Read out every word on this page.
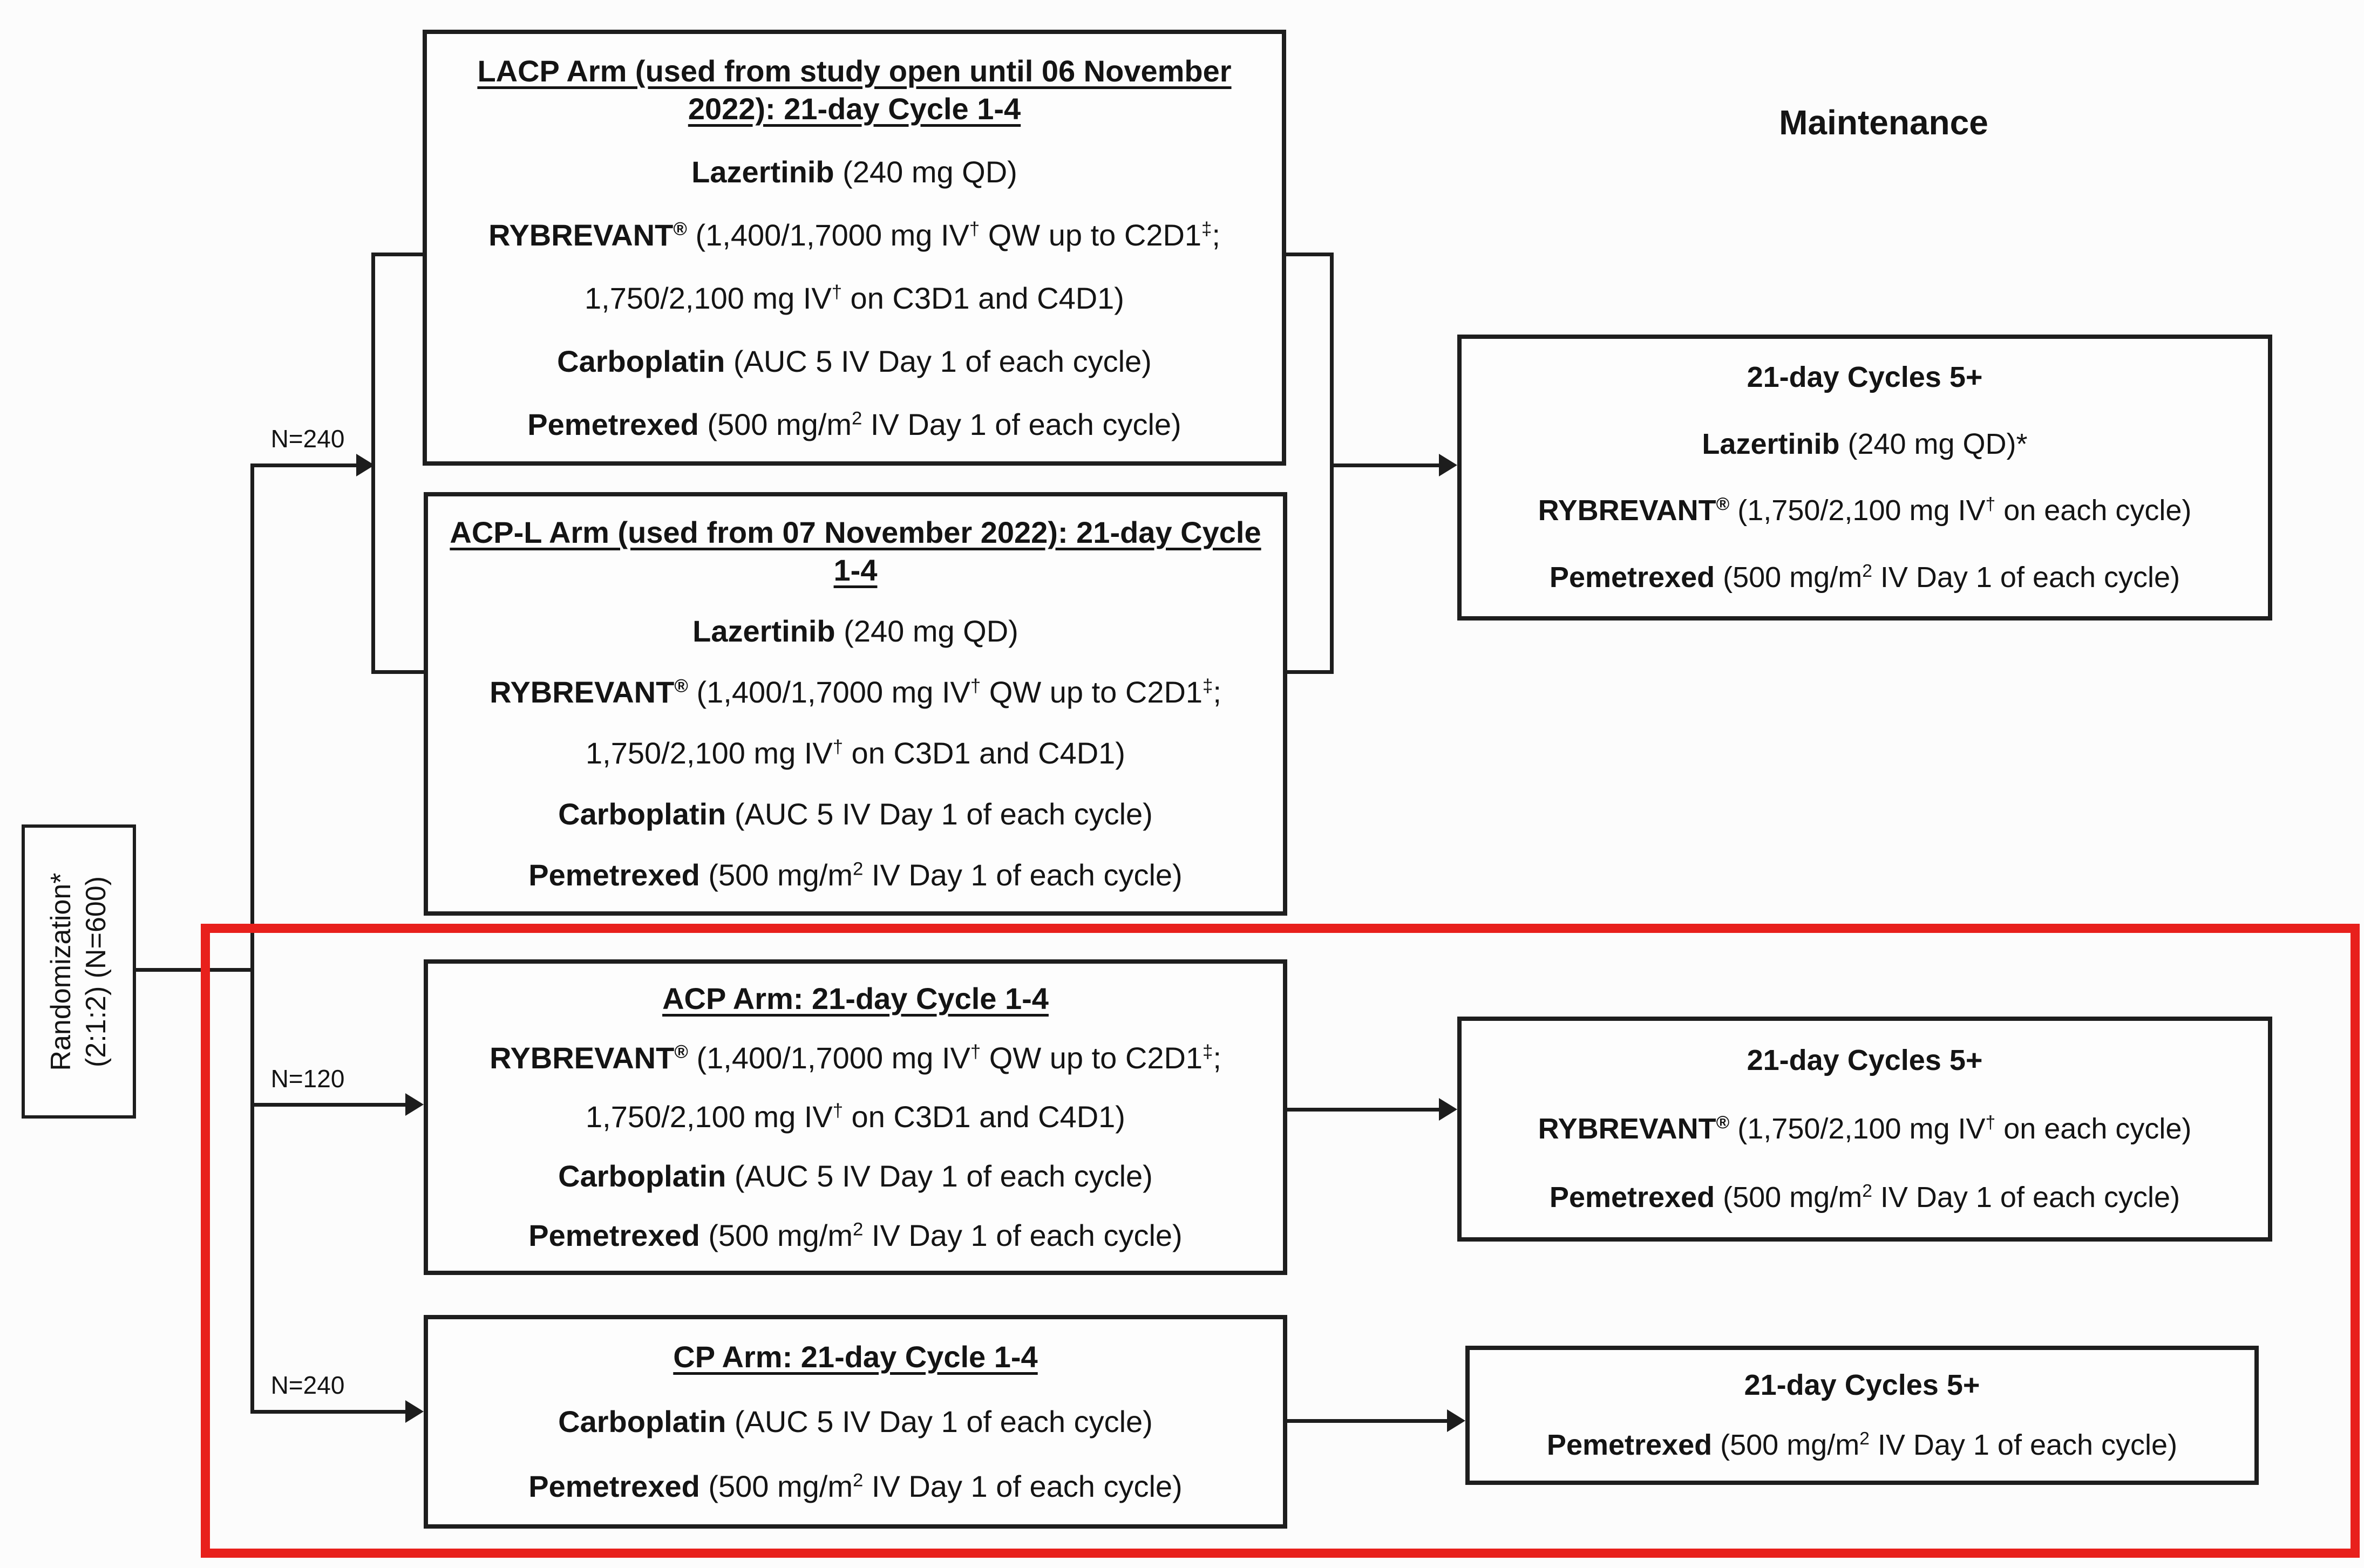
Randomization* (2:1:2) (N=600)
N=240
N=120
N=240
Maintenance
LACP Arm (used from study open until 06 November 2022): 21-day Cycle 1-4
Lazertinib (240 mg QD)
RYBREVANT® (1,400/1,7000 mg IV† QW up to C2D1‡;
1,750/2,100 mg IV† on C3D1 and C4D1)
Carboplatin (AUC 5 IV Day 1 of each cycle)
Pemetrexed (500 $mg/m^2$ IV Day 1 of each cycle)
ACP-L Arm (used from 07 November 2022): 21-day Cycle 1-4
Lazertinib (240 mg QD)
RYBREVANT® (1,400/1,7000 mg IV† QW up to C2D1‡;
1,750/2,100 mg IV† on C3D1 and C4D1)
Carboplatin (AUC 5 IV Day 1 of each cycle)
Pemetrexed (500 $mg/m^2$ IV Day 1 of each cycle)
ACP Arm: 21-day Cycle 1-4
RYBREVANT® (1,400/1,7000 mg IV† QW up to C2D1‡;
1,750/2,100 mg IV† on C3D1 and C4D1)
Carboplatin (AUC 5 IV Day 1 of each cycle)
Pemetrexed (500 $mg/m^2$ IV Day 1 of each cycle)
CP Arm: 21-day Cycle 1-4
Carboplatin (AUC 5 IV Day 1 of each cycle)
Pemetrexed (500 $mg/m^2$ IV Day 1 of each cycle)
21-day Cycles 5+
Lazertinib (240 mg QD)*
RYBREVANT® (1,750/2,100 mg IV† on each cycle)
Pemetrexed (500 $mg/m^2$ IV Day 1 of each cycle)
21-day Cycles 5+
RYBREVANT® (1,750/2,100 mg IV† on each cycle)
Pemetrexed (500 $mg/m^2$ IV Day 1 of each cycle)
21-day Cycles 5+
Pemetrexed (500 $mg/m^2$ IV Day 1 of each cycle)
